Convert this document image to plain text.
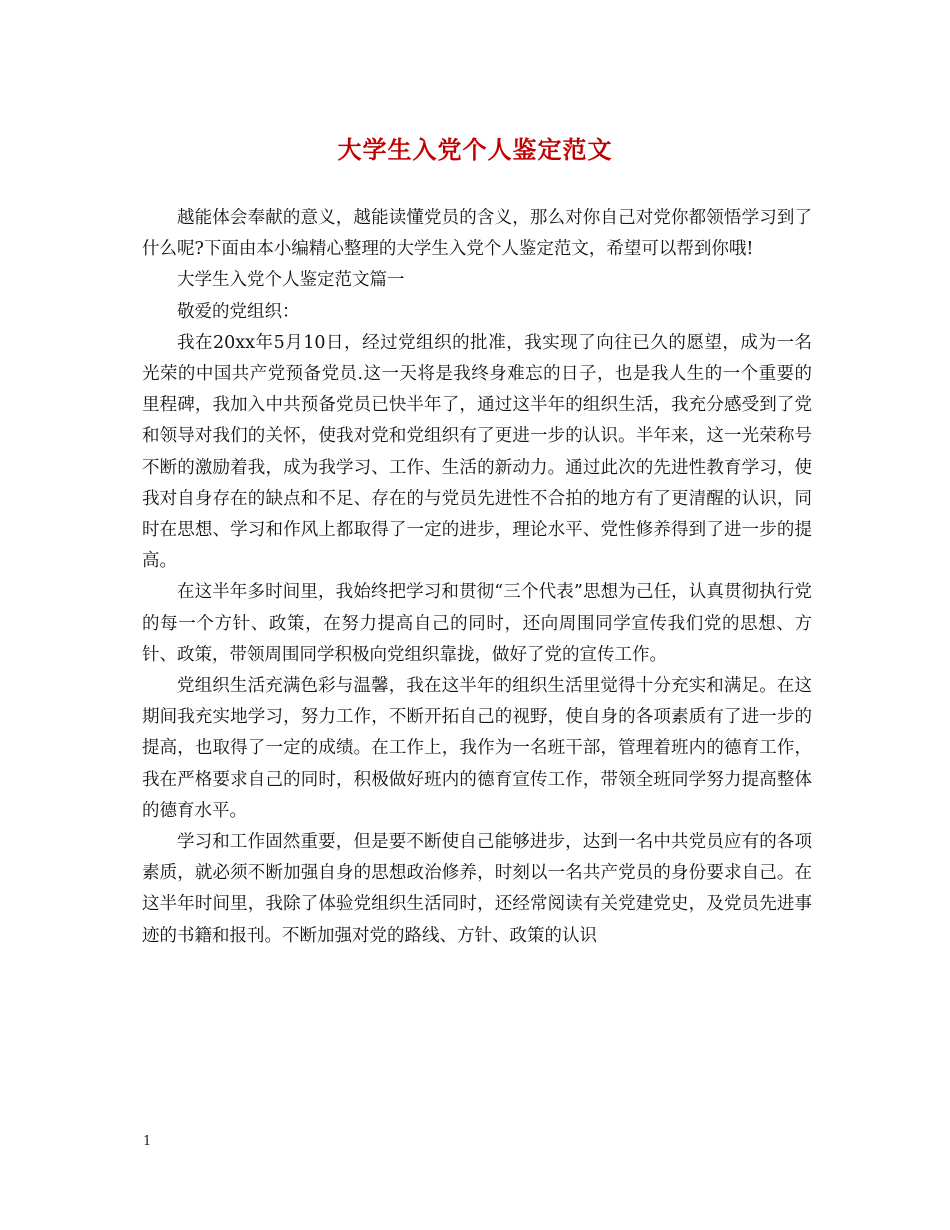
大学生入党个人鉴定范文

越能体会奉献的意义，越能读懂党员的含义，那么对你自己对党你都领悟学习到了什么呢?下面由本小编精心整理的大学生入党个人鉴定范文，希望可以帮到你哦!

大学生入党个人鉴定范文篇一

敬爱的党组织：

我在20xx年5月10日，经过党组织的批准，我实现了向往已久的愿望，成为一名光荣的中国共产党预备党员.这一天将是我终身难忘的日子，也是我人生的一个重要的里程碑，我加入中共预备党员已快半年了，通过这半年的组织生活，我充分感受到了党和领导对我们的关怀，使我对党和党组织有了更进一步的认识。半年来，这一光荣称号不断的激励着我，成为我学习、工作、生活的新动力。通过此次的先进性教育学习，使我对自身存在的缺点和不足、存在的与党员先进性不合拍的地方有了更清醒的认识，同时在思想、学习和作风上都取得了一定的进步，理论水平、党性修养得到了进一步的提高。

在这半年多时间里，我始终把学习和贯彻“三个代表”思想为己任，认真贯彻执行党的每一个方针、政策，在努力提高自己的同时，还向周围同学宣传我们党的思想、方针、政策，带领周围同学积极向党组织靠拢，做好了党的宣传工作。

党组织生活充满色彩与温馨，我在这半年的组织生活里觉得十分充实和满足。在这期间我充实地学习，努力工作，不断开拓自己的视野，使自身的各项素质有了进一步的提高，也取得了一定的成绩。在工作上，我作为一名班干部，管理着班内的德育工作，我在严格要求自己的同时，积极做好班内的德育宣传工作，带领全班同学努力提高整体的德育水平。

学习和工作固然重要，但是要不断使自己能够进步，达到一名中共党员应有的各项素质，就必须不断加强自身的思想政治修养，时刻以一名共产党员的身份要求自己。在这半年时间里，我除了体验党组织生活同时，还经常阅读有关党建党史，及党员先进事迹的书籍和报刊。不断加强对党的路线、方针、政策的认识

1
